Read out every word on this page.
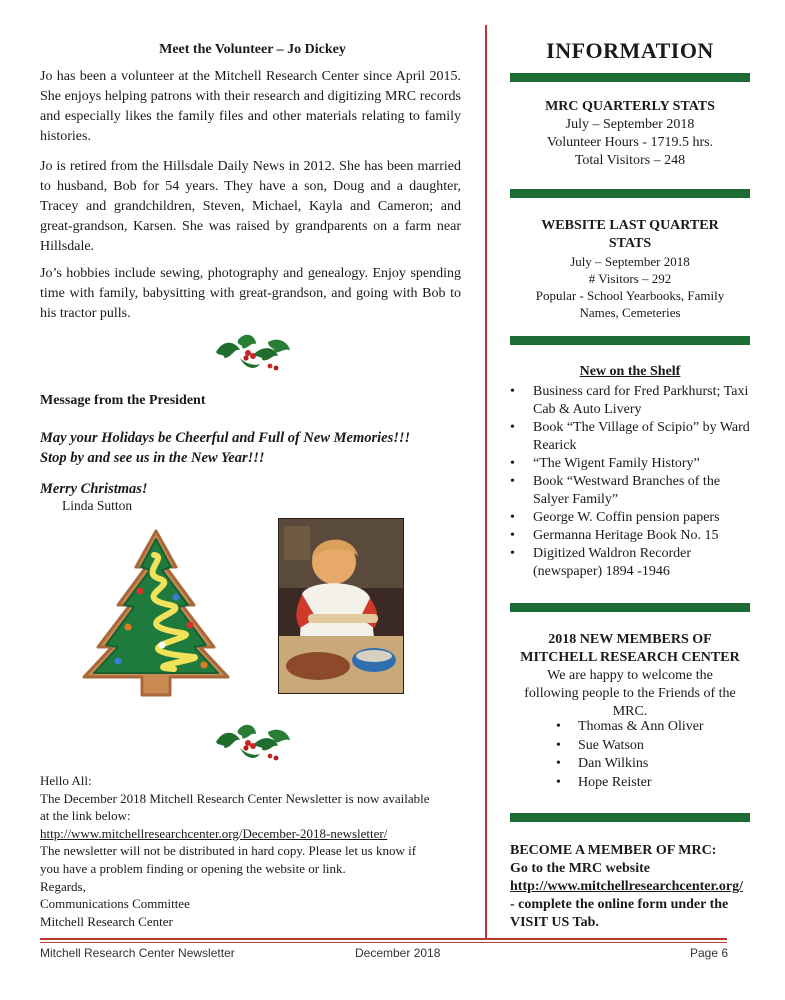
Meet the Volunteer – Jo Dickey

Jo has been a volunteer at the Mitchell Research Center since April 2015. She enjoys helping patrons with their research and digitizing MRC records and especially likes the family files and other materials relating to family histories.

Jo is retired from the Hillsdale Daily News in 2012. She has been married to husband, Bob for 54 years. They have a son, Doug and a daughter, Tracey and grandchildren, Steven, Michael, Kayla and Cameron; and great-grandson, Karsen. She was raised by grandparents on a farm near Hillsdale.

Jo’s hobbies include sewing, photography and genealogy. Enjoy spending time with family, babysitting with great-grandson, and going with Bob to his tractor pulls.

Message from the President
May your Holidays be Cheerful and Full of New Memories!!!
Stop by and see us in the New Year!!!
Merry Christmas!
Linda Sutton
Hello All:
The December 2018 Mitchell Research Center Newsletter is now available
at the link below:
http://www.mitchellresearchcenter.org/December-2018-newsletter/
The newsletter will not be distributed in hard copy. Please let us know if
you have a problem finding or opening the website or link.
Regards,
Communications Committee
Mitchell Research Center
INFORMATION
MRC QUARTERLY STATS
July – September 2018
Volunteer Hours - 1719.5 hrs.
Total Visitors – 248
WEBSITE LAST QUARTER
STATS
July – September 2018
# Visitors – 292
Popular - School Yearbooks, Family
Names, Cemeteries
New on the Shelf
• Business card for Fred Parkhurst; Taxi Cab & Auto Livery
• Book “The Village of Scipio” by Ward Rearick
• “The Wigent Family History”
• Book “Westward Branches of the Salyer Family”
• George W. Coffin pension papers
• Germanna Heritage Book No. 15
• Digitized Waldron Recorder (newspaper) 1894 -1946
2018 NEW MEMBERS OF
MITCHELL RESEARCH CENTER
We are happy to welcome the
following people to the Friends of the
MRC.
• Thomas & Ann Oliver
• Sue Watson
• Dan Wilkins
• Hope Reister
BECOME A MEMBER OF MRC:
Go to the MRC website
http://www.mitchellresearchcenter.org/
- complete the online form under the
VISIT US Tab.
Mitchell Research Center Newsletter	December 2018	Page 6
